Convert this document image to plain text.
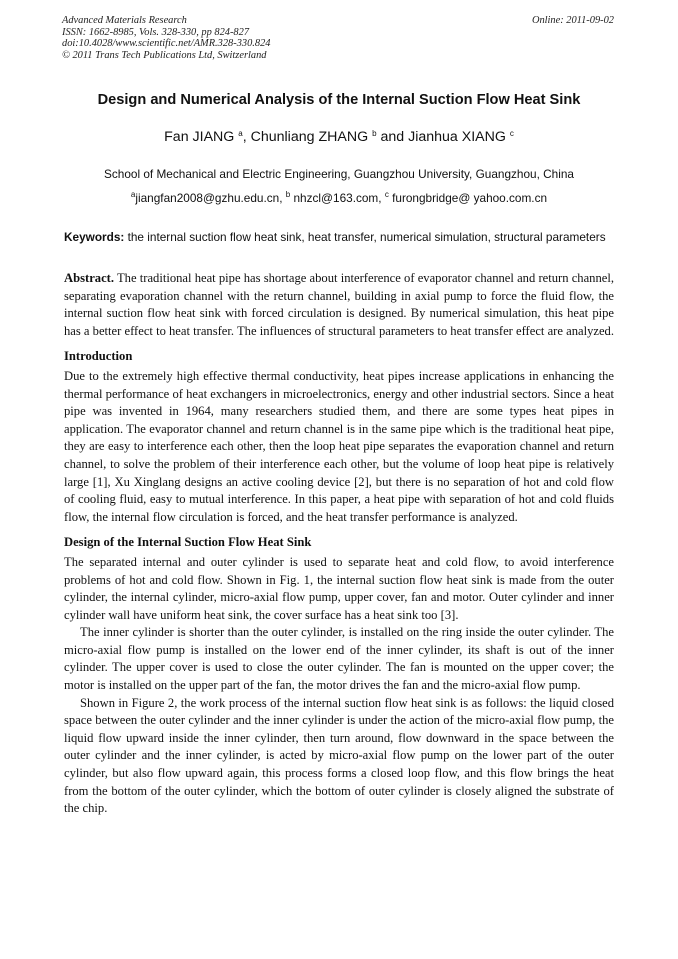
Advanced Materials Research
ISSN: 1662-8985, Vols. 328-330, pp 824-827
doi:10.4028/www.scientific.net/AMR.328-330.824
© 2011 Trans Tech Publications Ltd, Switzerland
Online: 2011-09-02
Design and Numerical Analysis of the Internal Suction Flow Heat Sink
Fan JIANG $^a$, Chunliang ZHANG $^b$ and Jianhua XIANG $^c$
School of Mechanical and Electric Engineering, Guangzhou University, Guangzhou, China
$^a$jiangfan2008@gzhu.edu.cn, $^b$ nhzcl@163.com, $^c$ furongbridge@ yahoo.com.cn
Keywords: the internal suction flow heat sink, heat transfer, numerical simulation, structural parameters

Abstract. The traditional heat pipe has shortage about interference of evaporator channel and return channel, separating evaporation channel with the return channel, building in axial pump to force the fluid flow, the internal suction flow heat sink with forced circulation is designed. By numerical simulation, this heat pipe has a better effect to heat transfer. The influences of structural parameters to heat transfer effect are analyzed.

Introduction

Due to the extremely high effective thermal conductivity, heat pipes increase applications in enhancing the thermal performance of heat exchangers in microelectronics, energy and other industrial sectors. Since a heat pipe was invented in 1964, many researchers studied them, and there are some types heat pipes in application. The evaporator channel and return channel is in the same pipe which is the traditional heat pipe, they are easy to interference each other, then the loop heat pipe separates the evaporation channel and return channel, to solve the problem of their interference each other, but the volume of loop heat pipe is relatively large [1], Xu Xinglang designs an active cooling device [2], but there is no separation of hot and cold flow of cooling fluid, easy to mutual interference. In this paper, a heat pipe with separation of hot and cold fluids flow, the internal flow circulation is forced, and the heat transfer performance is analyzed.

Design of the Internal Suction Flow Heat Sink

The separated internal and outer cylinder is used to separate heat and cold flow, to avoid interference problems of hot and cold flow. Shown in Fig. 1, the internal suction flow heat sink is made from the outer cylinder, the internal cylinder, micro-axial flow pump, upper cover, fan and motor. Outer cylinder and inner cylinder wall have uniform heat sink, the cover surface has a heat sink too [3].

The inner cylinder is shorter than the outer cylinder, is installed on the ring inside the outer cylinder. The micro-axial flow pump is installed on the lower end of the inner cylinder, its shaft is out of the inner cylinder. The upper cover is used to close the outer cylinder. The fan is mounted on the upper cover; the motor is installed on the upper part of the fan, the motor drives the fan and the micro-axial flow pump.

Shown in Figure 2, the work process of the internal suction flow heat sink is as follows: the liquid closed space between the outer cylinder and the inner cylinder is under the action of the micro-axial flow pump, the liquid flow upward inside the inner cylinder, then turn around, flow downward in the space between the outer cylinder and the inner cylinder, is acted by micro-axial flow pump on the lower part of the outer cylinder, but also flow upward again, this process forms a closed loop flow, and this flow brings the heat from the bottom of the outer cylinder, which the bottom of outer cylinder is closely aligned the substrate of the chip.
